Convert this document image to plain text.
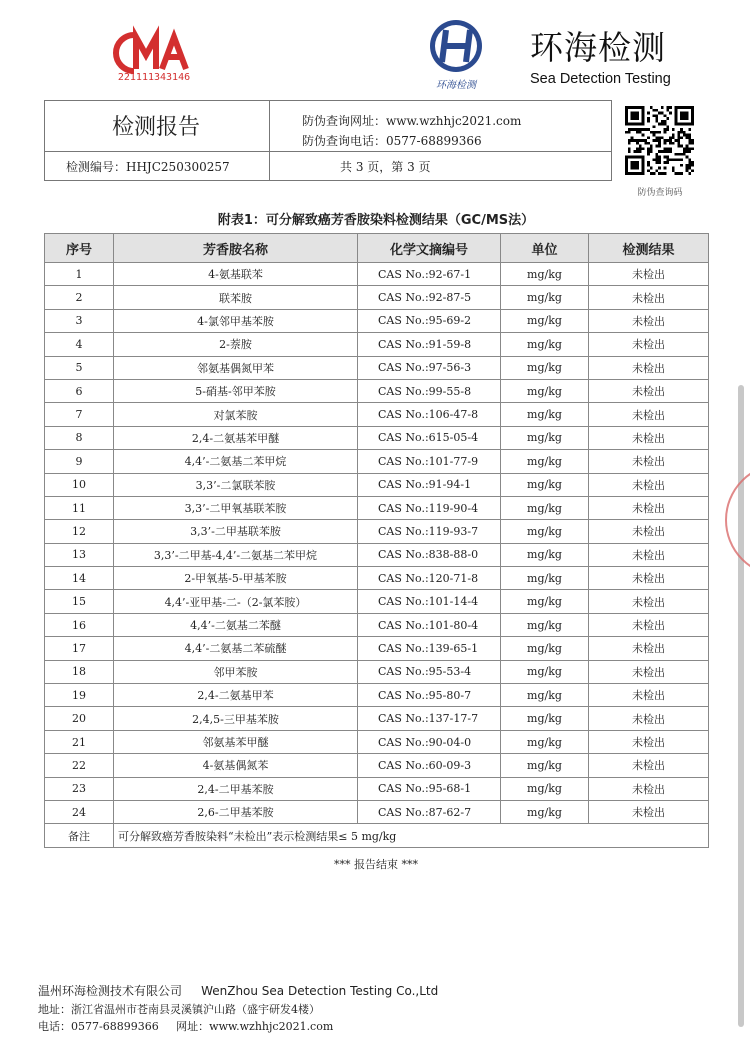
221111343146
环海检测
环海检测
Sea Detection Testing
检测报告	防伪查询网址：www.wzhhjc2021.com
防伪查询电话：0577-68899366
检测编号：HHJC250300257	共 3 页，第 3 页
防伪查询码
附表1：可分解致癌芳香胺染料检测结果（GC/MS法）
序号	芳香胺名称	化学文摘编号	单位	检测结果
1	4-氨基联苯	CAS No.:92-67-1	mg/kg	未检出
2	联苯胺	CAS No.:92-87-5	mg/kg	未检出
3	4-氯邻甲基苯胺	CAS No.:95-69-2	mg/kg	未检出
4	2-萘胺	CAS No.:91-59-8	mg/kg	未检出
5	邻氨基偶氮甲苯	CAS No.:97-56-3	mg/kg	未检出
6	5-硝基-邻甲苯胺	CAS No.:99-55-8	mg/kg	未检出
7	对氯苯胺	CAS No.:106-47-8	mg/kg	未检出
8	2,4-二氨基苯甲醚	CAS No.:615-05-4	mg/kg	未检出
9	4,4’-二氨基二苯甲烷	CAS No.:101-77-9	mg/kg	未检出
10	3,3’-二氯联苯胺	CAS No.:91-94-1	mg/kg	未检出
11	3,3’-二甲氧基联苯胺	CAS No.:119-90-4	mg/kg	未检出
12	3,3’-二甲基联苯胺	CAS No.:119-93-7	mg/kg	未检出
13	3,3’-二甲基-4,4’-二氨基二苯甲烷	CAS No.:838-88-0	mg/kg	未检出
14	2-甲氧基-5-甲基苯胺	CAS No.:120-71-8	mg/kg	未检出
15	4,4’-亚甲基-二-（2-氯苯胺）	CAS No.:101-14-4	mg/kg	未检出
16	4,4’-二氨基二苯醚	CAS No.:101-80-4	mg/kg	未检出
17	4,4’-二氨基二苯硫醚	CAS No.:139-65-1	mg/kg	未检出
18	邻甲苯胺	CAS No.:95-53-4	mg/kg	未检出
19	2,4-二氨基甲苯	CAS No.:95-80-7	mg/kg	未检出
20	2,4,5-三甲基苯胺	CAS No.:137-17-7	mg/kg	未检出
21	邻氨基苯甲醚	CAS No.:90-04-0	mg/kg	未检出
22	4-氨基偶氮苯	CAS No.:60-09-3	mg/kg	未检出
23	2,4-二甲基苯胺	CAS No.:95-68-1	mg/kg	未检出
24	2,6-二甲基苯胺	CAS No.:87-62-7	mg/kg	未检出
备注	可分解致癌芳香胺染料“未检出”表示检测结果≤ 5 mg/kg			
*** 报告结束 ***
温州环海检测技术有限公司     WenZhou Sea Detection Testing Co.,Ltd
地址：浙江省温州市苍南县灵溪镇沪山路（盛宇研发4楼）
电话：0577-68899366     网址：www.wzhhjc2021.com
